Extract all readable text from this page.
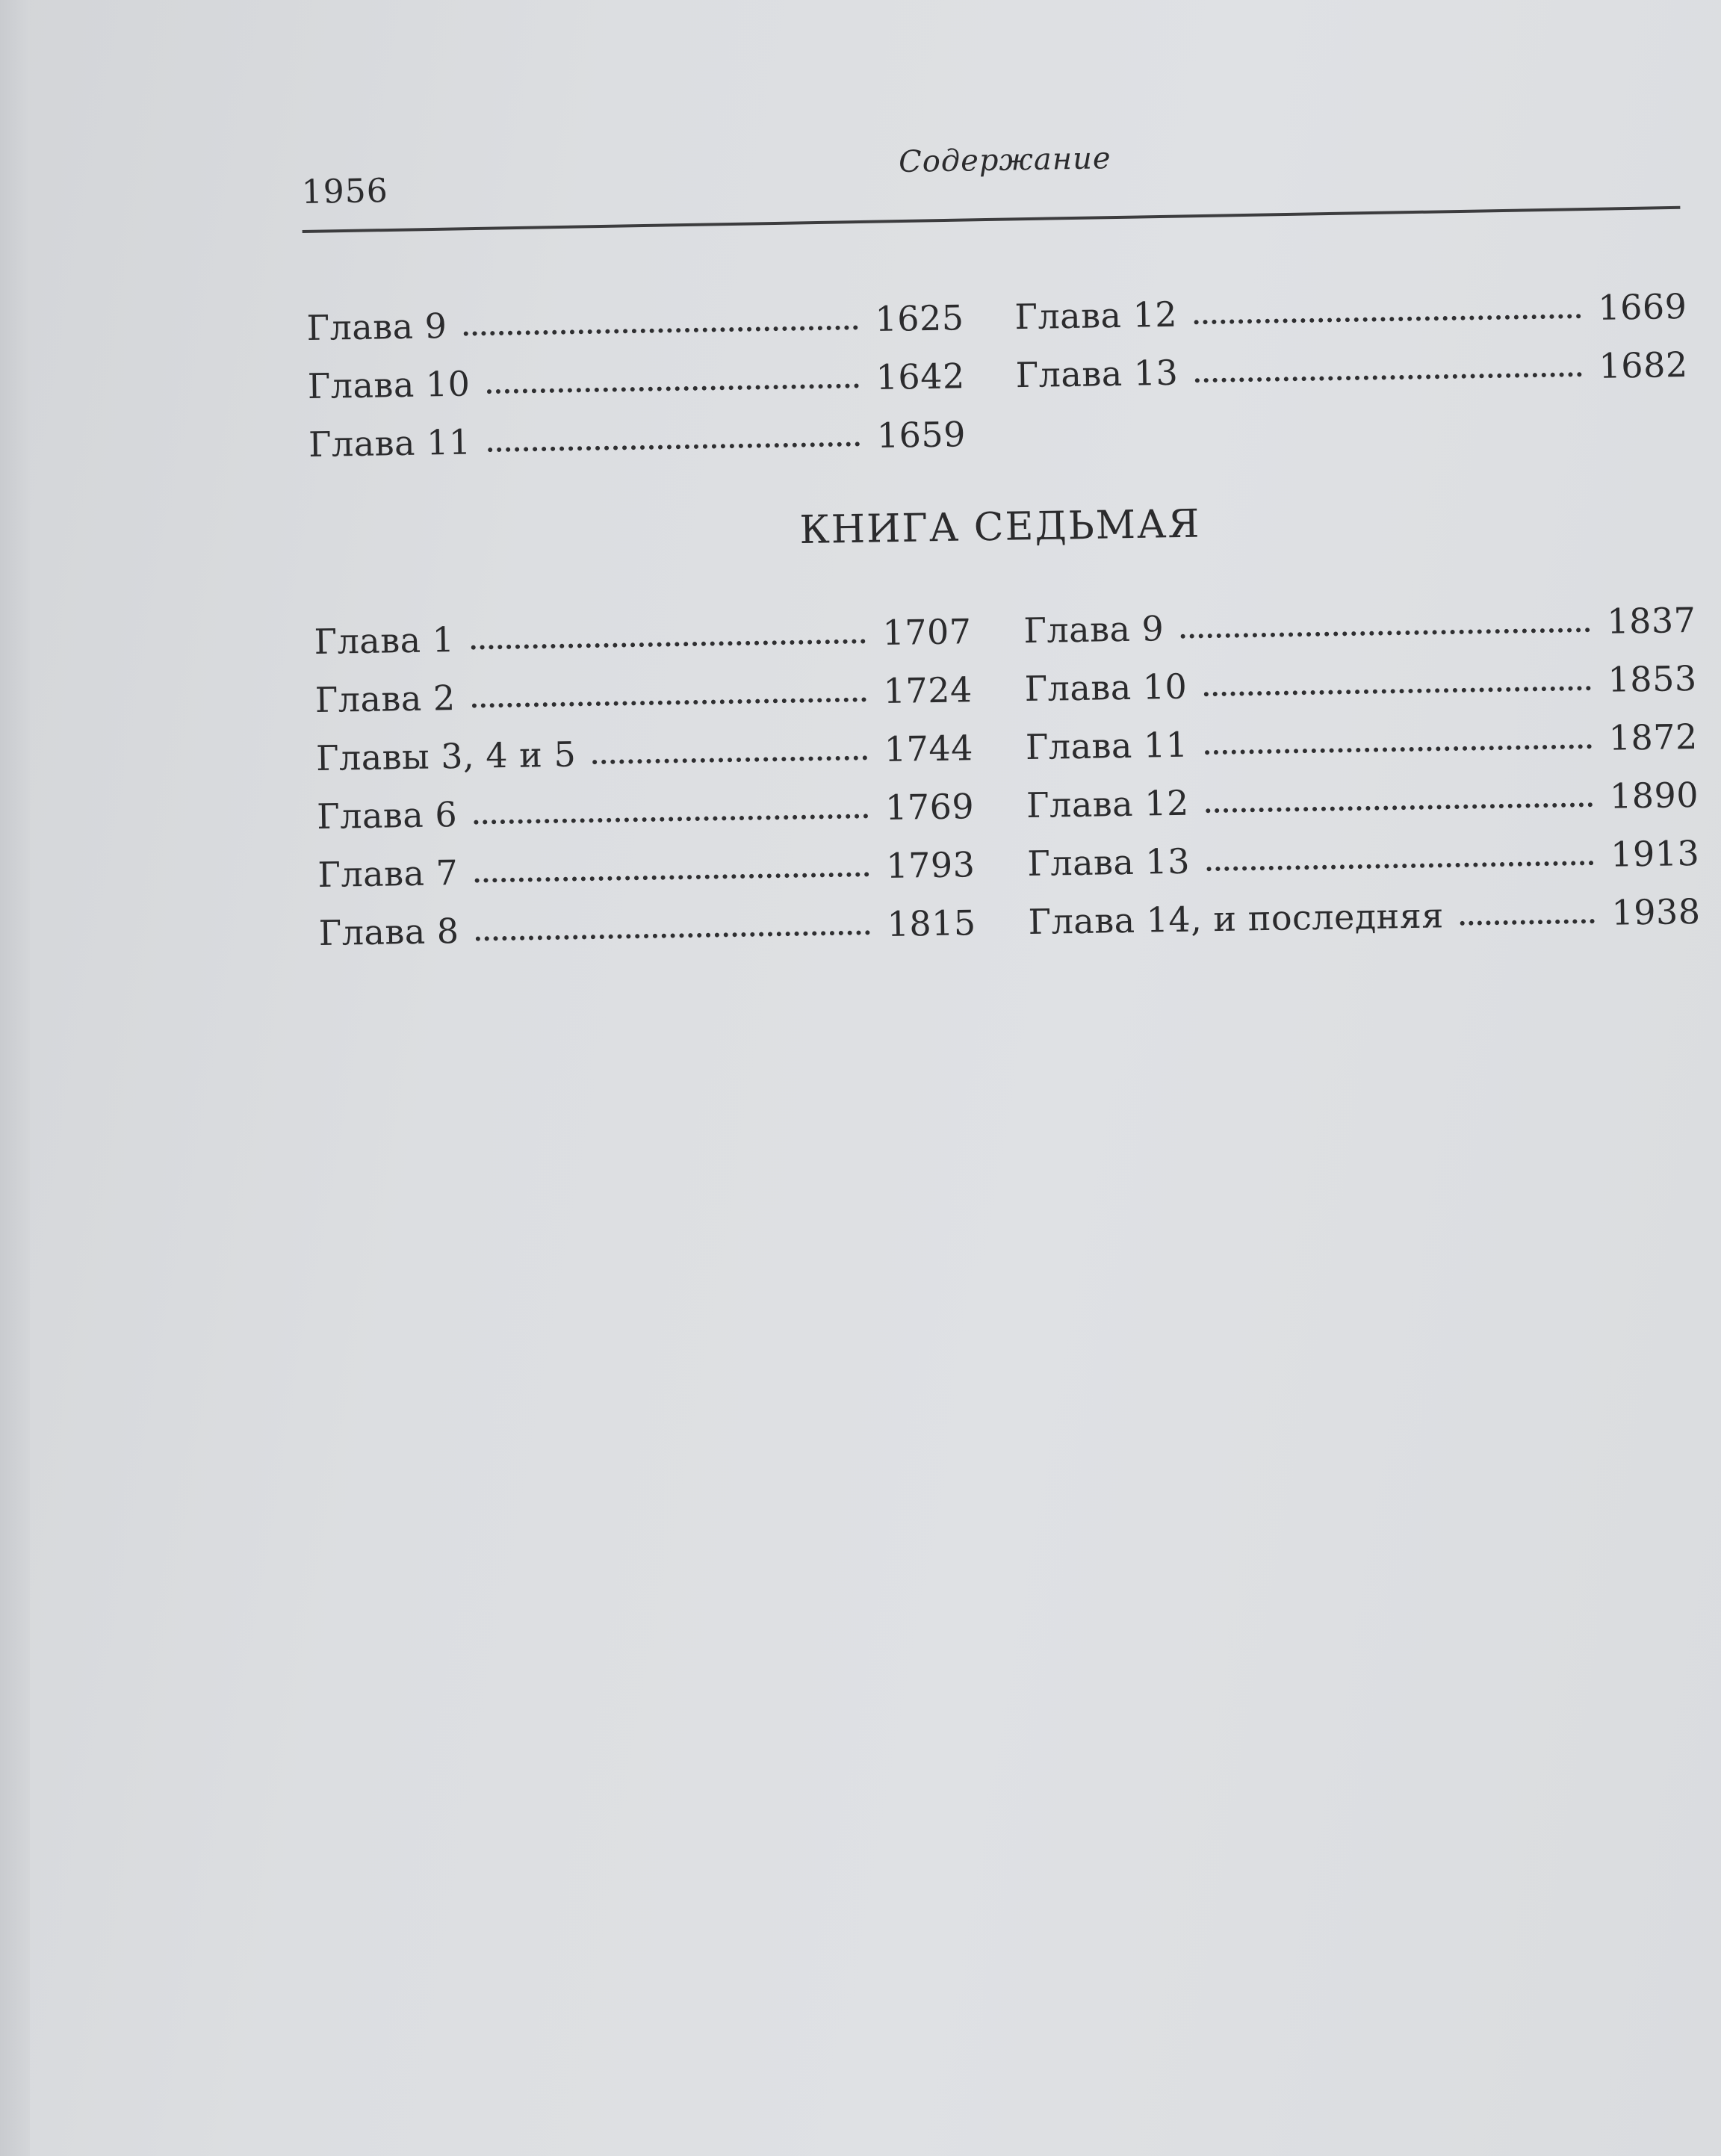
1956
Содержание
Глава 9	1625
Глава 10	1642
Глава 11	1659
Глава 12	1669
Глава 13	1682
КНИГА СЕДЬМАЯ
Глава 1	1707
Глава 2	1724
Главы 3, 4 и 5	1744
Глава 6	1769
Глава 7	1793
Глава 8	1815
Глава 9	1837
Глава 10	1853
Глава 11	1872
Глава 12	1890
Глава 13	1913
Глава 14, и последняя	1938
